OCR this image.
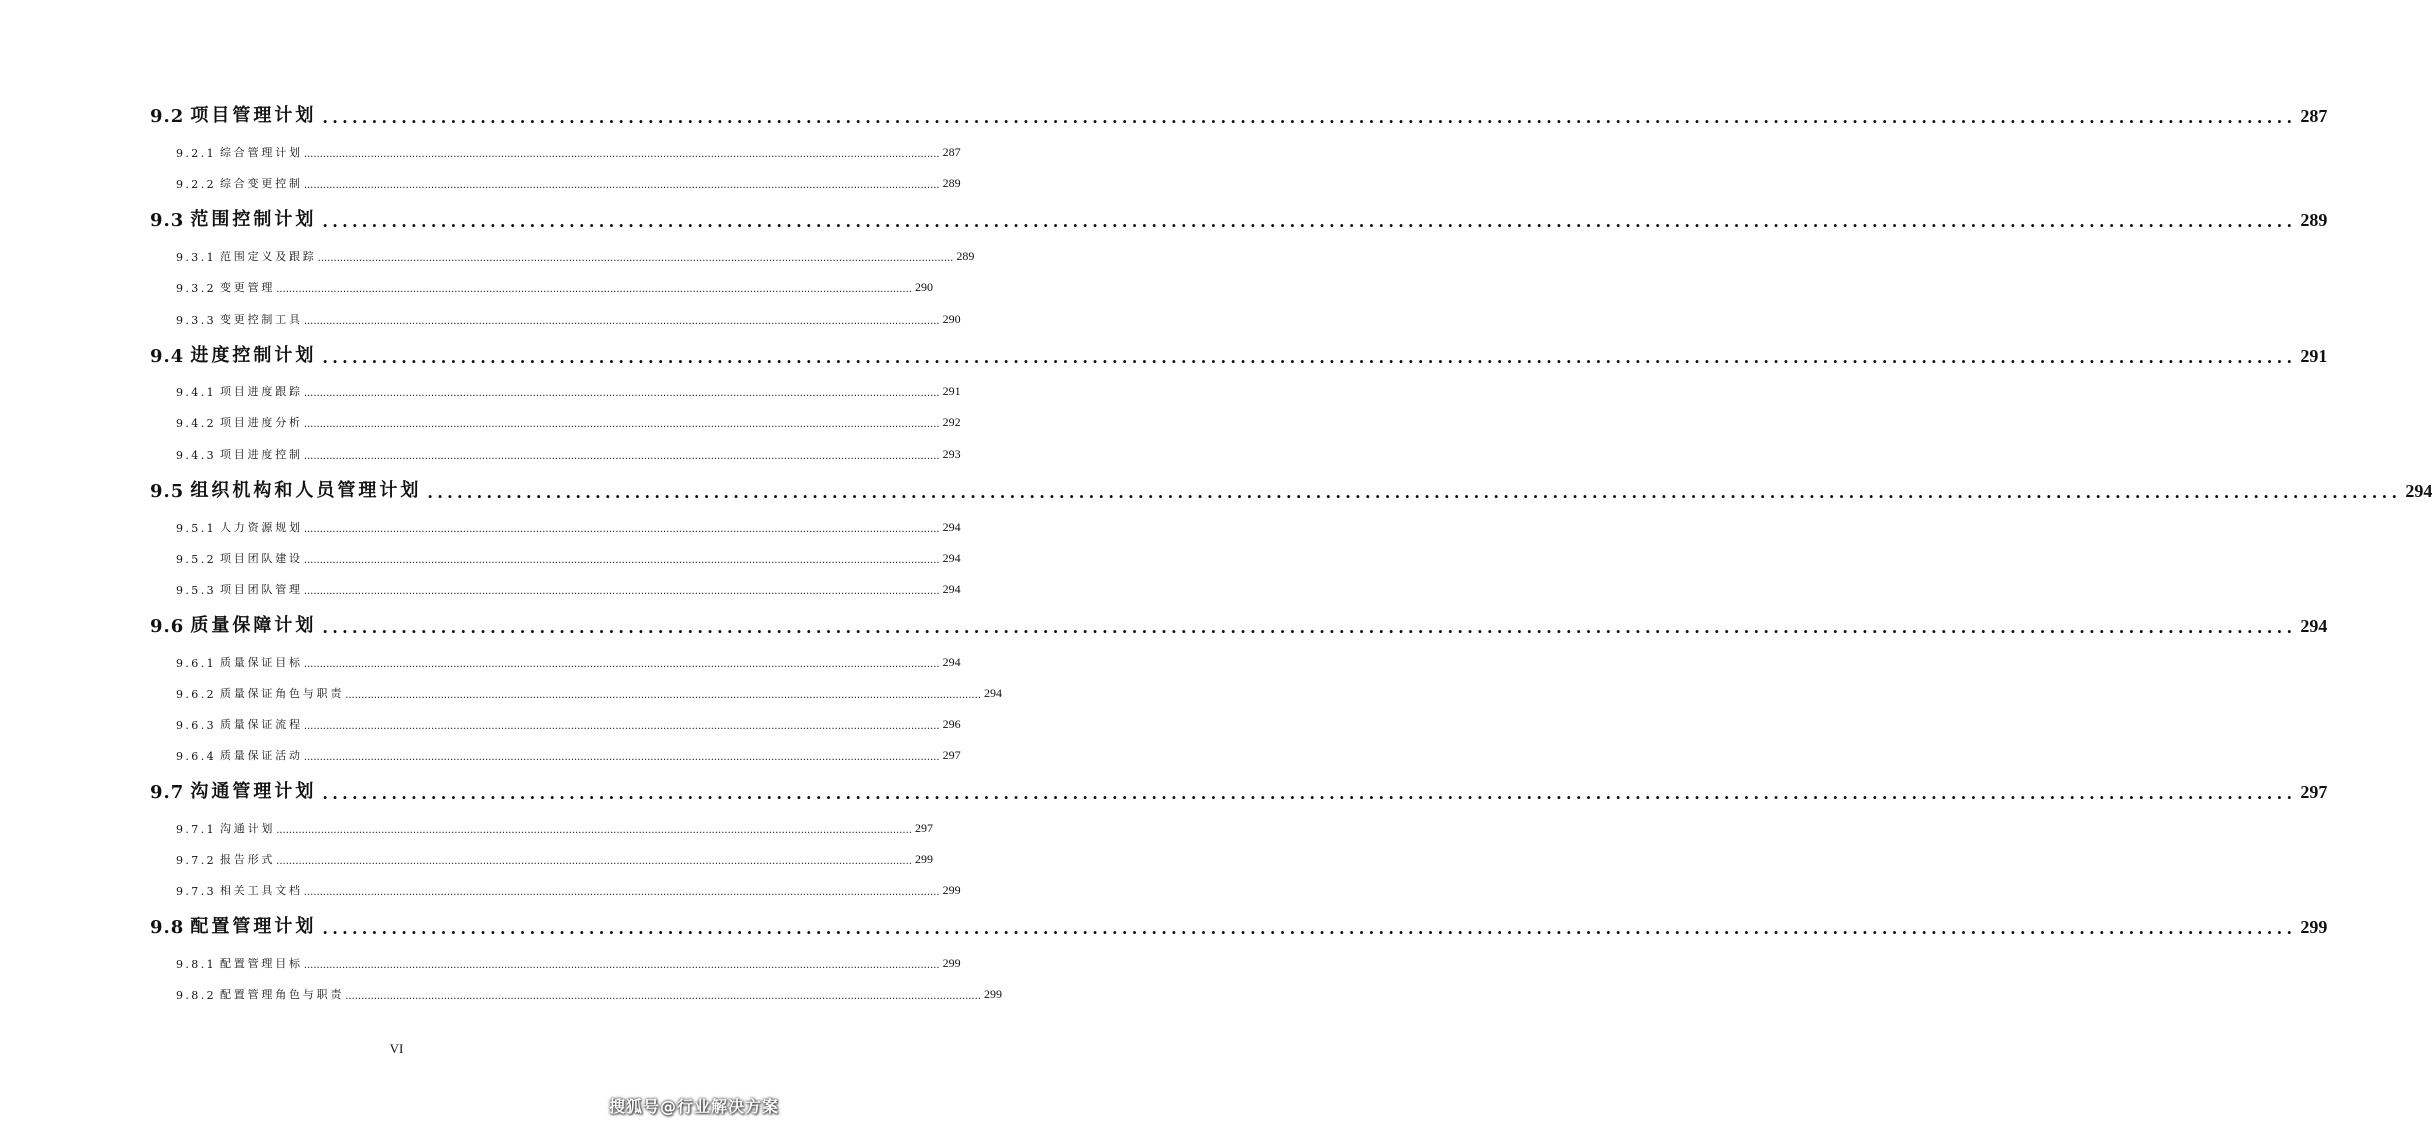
9.2 项目管理计划 ........................................................................................................................................................................................................ 287
9.2.1 综合管理计划 ........................................................................................................................................................................................................ 287
9.2.2 综合变更控制 ........................................................................................................................................................................................................ 289
9.3 范围控制计划 ........................................................................................................................................................................................................ 289
9.3.1 范围定义及跟踪 ........................................................................................................................................................................................................ 289
9.3.2 变更管理 ........................................................................................................................................................................................................ 290
9.3.3 变更控制工具 ........................................................................................................................................................................................................ 290
9.4 进度控制计划 ........................................................................................................................................................................................................ 291
9.4.1 项目进度跟踪 ........................................................................................................................................................................................................ 291
9.4.2 项目进度分析 ........................................................................................................................................................................................................ 292
9.4.3 项目进度控制 ........................................................................................................................................................................................................ 293
9.5 组织机构和人员管理计划 ........................................................................................................................................................................................................ 294
9.5.1 人力资源规划 ........................................................................................................................................................................................................ 294
9.5.2 项目团队建设 ........................................................................................................................................................................................................ 294
9.5.3 项目团队管理 ........................................................................................................................................................................................................ 294
9.6 质量保障计划 ........................................................................................................................................................................................................ 294
9.6.1 质量保证目标 ........................................................................................................................................................................................................ 294
9.6.2 质量保证角色与职责 ........................................................................................................................................................................................................ 294
9.6.3 质量保证流程 ........................................................................................................................................................................................................ 296
9.6.4 质量保证活动 ........................................................................................................................................................................................................ 297
9.7 沟通管理计划 ........................................................................................................................................................................................................ 297
9.7.1 沟通计划 ........................................................................................................................................................................................................ 297
9.7.2 报告形式 ........................................................................................................................................................................................................ 299
9.7.3 相关工具文档 ........................................................................................................................................................................................................ 299
9.8 配置管理计划 ........................................................................................................................................................................................................ 299
9.8.1 配置管理目标 ........................................................................................................................................................................................................ 299
9.8.2 配置管理角色与职责 ........................................................................................................................................................................................................ 299
VI
搜狐号@行业解决方案
